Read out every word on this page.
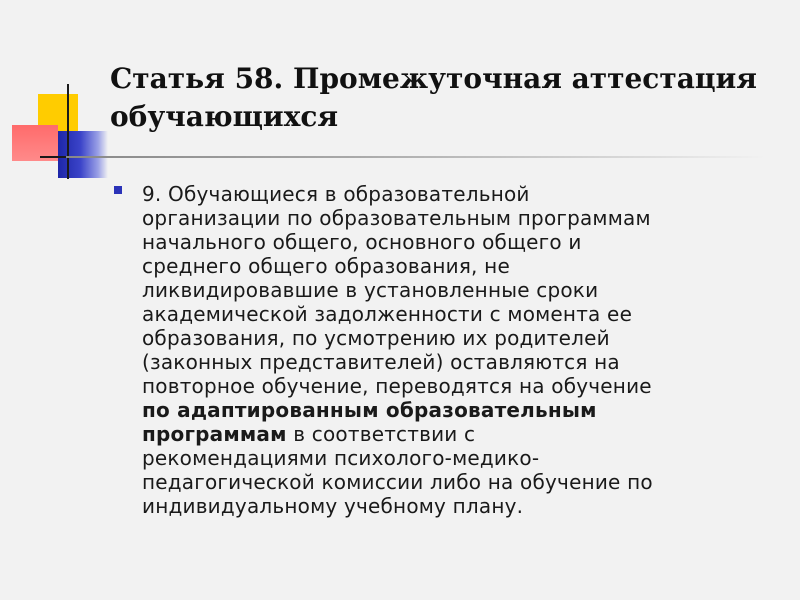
Статья 58. Промежуточная аттестация
обучающихся

9. Обучающиеся в образовательной
организации по образовательным программам
начального общего, основного общего и
среднего общего образования, не
ликвидировавшие в установленные сроки
академической задолженности с момента ее
образования, по усмотрению их родителей
(законных представителей) оставляются на
повторное обучение, переводятся на обучение
по адаптированным образовательным
программам в соответствии с
рекомендациями психолого-медико-
педагогической комиссии либо на обучение по
индивидуальному учебному плану.
